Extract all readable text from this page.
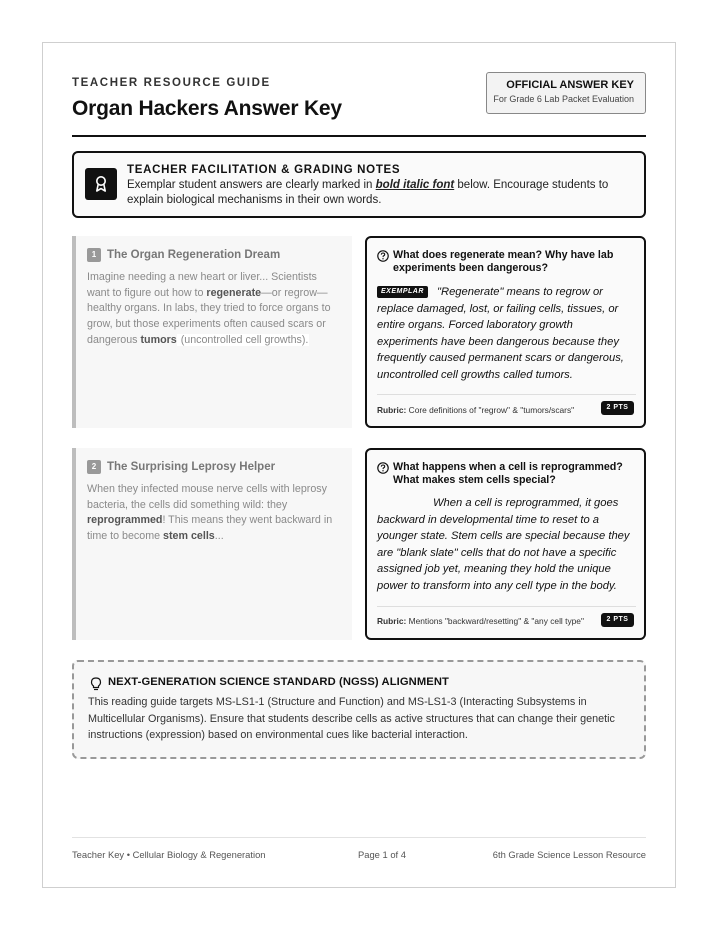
TEACHER RESOURCE GUIDE
Organ Hackers Answer Key
OFFICIAL ANSWER KEY
For Grade 6 Lab Packet Evaluation
TEACHER FACILITATION & GRADING NOTES
Exemplar student answers are clearly marked in bold italic font below. Encourage students to explain biological mechanisms in their own words.
1 The Organ Regeneration Dream
Imagine needing a new heart or liver... Scientists want to figure out how to regenerate—or regrow—healthy organs. In labs, they tried to force organs to grow, but those experiments often caused scars or dangerous tumors (uncontrolled cell growths).
What does regenerate mean? Why have lab experiments been dangerous?
EXEMPLAR "Regenerate" means to regrow or replace damaged, lost, or failing cells, tissues, or entire organs. Forced laboratory growth experiments have been dangerous because they frequently caused permanent scars or dangerous, uncontrolled cell growths called tumors.
Rubric: Core definitions of "regrow" & "tumors/scars"	2 PTS
2 The Surprising Leprosy Helper
When they infected mouse nerve cells with leprosy bacteria, the cells did something wild: they reprogrammed! This means they went backward in time to become stem cells...
What happens when a cell is reprogrammed? What makes stem cells special?
When a cell is reprogrammed, it goes backward in developmental time to reset to a younger state. Stem cells are special because they are "blank slate" cells that do not have a specific assigned job yet, meaning they hold the unique power to transform into any cell type in the body.
Rubric: Mentions "backward/resetting" & "any cell type"	2 PTS
NEXT-GENERATION SCIENCE STANDARD (NGSS) ALIGNMENT
This reading guide targets MS-LS1-1 (Structure and Function) and MS-LS1-3 (Interacting Subsystems in Multicellular Organisms). Ensure that students describe cells as active structures that can change their genetic instructions (expression) based on environmental cues like bacterial interaction.
Teacher Key • Cellular Biology & Regeneration	Page 1 of 4	6th Grade Science Lesson Resource
